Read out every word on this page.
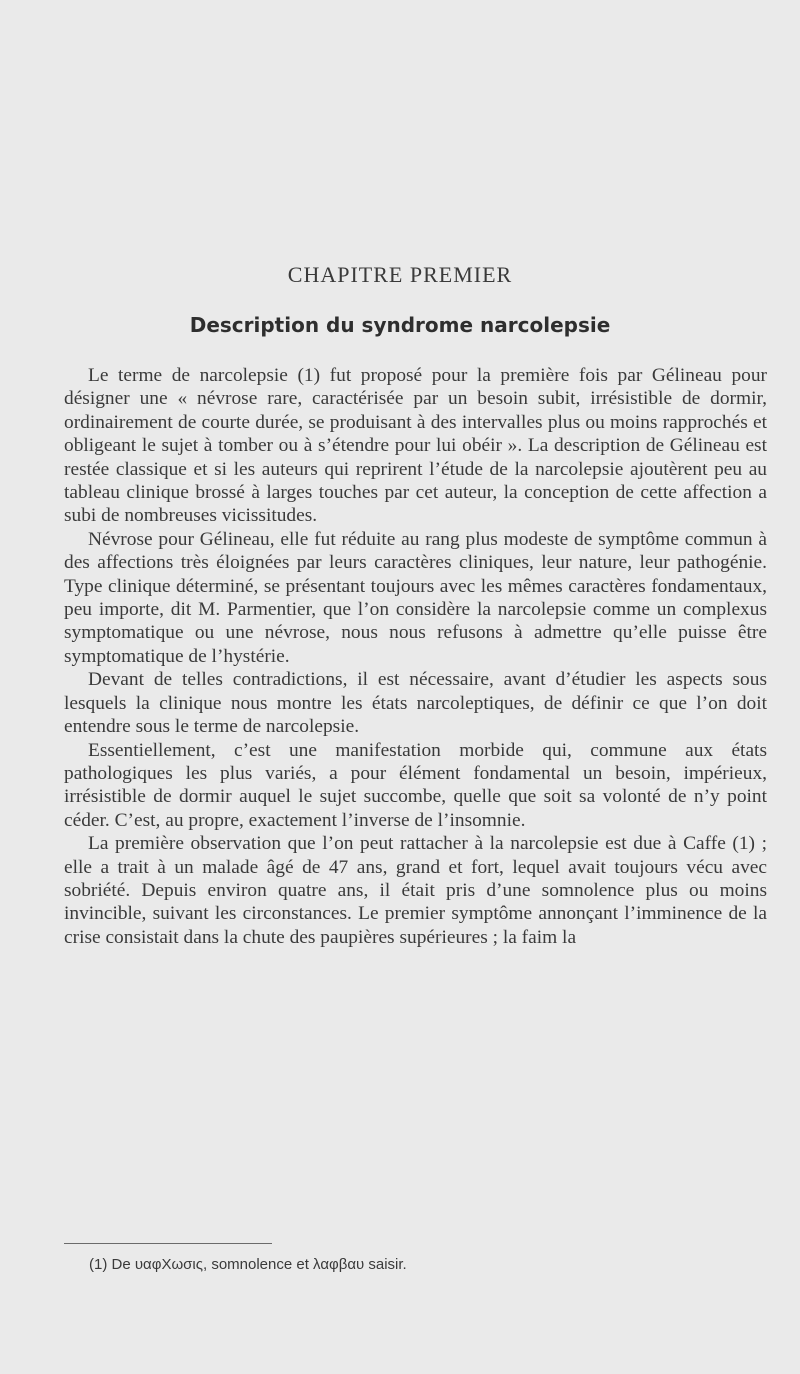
CHAPITRE PREMIER
Description du syndrome narcolepsie

Le terme de narcolepsie (1) fut proposé pour la première fois par Gélineau pour désigner une « névrose rare, caractérisée par un besoin subit, irrésistible de dormir, ordinairement de courte durée, se produisant à des intervalles plus ou moins rapprochés et obligeant le sujet à tomber ou à s’étendre pour lui obéir ». La description de Gélineau est restée classique et si les auteurs qui reprirent l’étude de la narcolepsie ajoutèrent peu au tableau clinique brossé à larges touches par cet auteur, la conception de cette affection a subi de nombreuses vicissitudes.

Névrose pour Gélineau, elle fut réduite au rang plus modeste de symptôme commun à des affections très éloignées par leurs caractères cliniques, leur nature, leur pathogénie. Type clinique déterminé, se présentant toujours avec les mêmes caractères fondamentaux, peu importe, dit M. Parmentier, que l’on considère la narcolepsie comme un complexus symptomatique ou une névrose, nous nous refusons à admettre qu’elle puisse être symptomatique de l’hystérie.

Devant de telles contradictions, il est nécessaire, avant d’étudier les aspects sous lesquels la clinique nous montre les états narcoleptiques, de définir ce que l’on doit entendre sous le terme de narcolepsie.

Essentiellement, c’est une manifestation morbide qui, commune aux états pathologiques les plus variés, a pour élément fondamental un besoin, impérieux, irrésistible de dormir auquel le sujet succombe, quelle que soit sa volonté de n’y point céder. C’est, au propre, exactement l’inverse de l’insomnie.

La première observation que l’on peut rattacher à la narcolepsie est due à Caffe (1) ; elle a trait à un malade âgé de 47 ans, grand et fort, lequel avait toujours vécu avec sobriété. Depuis environ quatre ans, il était pris d’une somnolence plus ou moins invincible, suivant les circonstances. Le premier symptôme annonçant l’imminence de la crise consistait dans la chute des paupières supérieures ; la faim la

(1) De υαφΧωσις, somnolence et λαφβαυ saisir.
